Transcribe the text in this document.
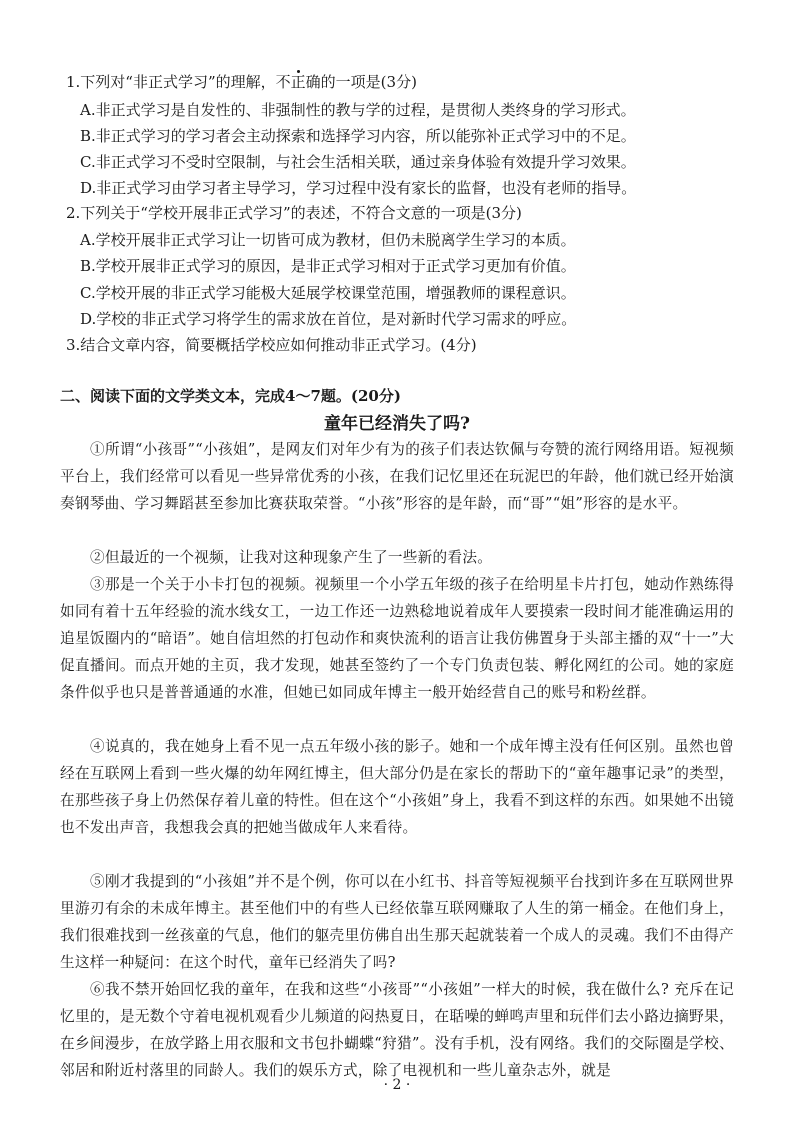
1.下列对“非正式学习”的理解，不正确的一项是(3分)
A.非正式学习是自发性的、非强制性的教与学的过程，是贯彻人类终身的学习形式。
B.非正式学习的学习者会主动探索和选择学习内容，所以能弥补正式学习中的不足。
C.非正式学习不受时空限制，与社会生活相关联，通过亲身体验有效提升学习效果。
D.非正式学习由学习者主导学习，学习过程中没有家长的监督，也没有老师的指导。
2.下列关于“学校开展非正式学习”的表述，不符合文意的一项是(3分)
A.学校开展非正式学习让一切皆可成为教材，但仍未脱离学生学习的本质。
B.学校开展非正式学习的原因，是非正式学习相对于正式学习更加有价值。
C.学校开展的非正式学习能极大延展学校课堂范围，增强教师的课程意识。
D.学校的非正式学习将学生的需求放在首位，是对新时代学习需求的呼应。
3.结合文章内容，简要概括学校应如何推动非正式学习。(4分)
二、阅读下面的文学类文本，完成4～7题。(20分)
童年已经消失了吗?
①所谓“小孩哥”“小孩姐”，是网友们对年少有为的孩子们表达钦佩与夸赞的流行网络用语。短视频平台上，我们经常可以看见一些异常优秀的小孩，在我们记忆里还在玩泥巴的年龄，他们就已经开始演奏钢琴曲、学习舞蹈甚至参加比赛获取荣誉。“小孩”形容的是年龄，而“哥”“姐”形容的是水平。
②但最近的一个视频，让我对这种现象产生了一些新的看法。
③那是一个关于小卡打包的视频。视频里一个小学五年级的孩子在给明星卡片打包，她动作熟练得如同有着十五年经验的流水线女工，一边工作还一边熟稔地说着成年人要摸索一段时间才能准确运用的追星饭圈内的“暗语”。她自信坦然的打包动作和爽快流利的语言让我仿佛置身于头部主播的双“十一”大促直播间。而点开她的主页，我才发现，她甚至签约了一个专门负责包装、孵化网红的公司。她的家庭条件似乎也只是普普通通的水准，但她已如同成年博主一般开始经营自己的账号和粉丝群。
④说真的，我在她身上看不见一点五年级小孩的影子。她和一个成年博主没有任何区别。虽然也曾经在互联网上看到一些火爆的幼年网红博主，但大部分仍是在家长的帮助下的“童年趣事记录”的类型，在那些孩子身上仍然保存着儿童的特性。但在这个“小孩姐”身上，我看不到这样的东西。如果她不出镜也不发出声音，我想我会真的把她当做成年人来看待。
⑤刚才我提到的“小孩姐”并不是个例，你可以在小红书、抖音等短视频平台找到许多在互联网世界里游刃有余的未成年博主。甚至他们中的有些人已经依靠互联网赚取了人生的第一桶金。在他们身上，我们很难找到一丝孩童的气息，他们的躯壳里仿佛自出生那天起就装着一个成人的灵魂。我们不由得产生这样一种疑问：在这个时代，童年已经消失了吗?
⑥我不禁开始回忆我的童年，在我和这些“小孩哥”“小孩姐”一样大的时候，我在做什么? 充斥在记忆里的，是无数个守着电视机观看少儿频道的闷热夏日，在聒噪的蝉鸣声里和玩伴们去小路边摘野果，在乡间漫步，在放学路上用衣服和文书包扑蝴蝶“狩猎”。没有手机，没有网络。我们的交际圈是学校、邻居和附近村落里的同龄人。我们的娱乐方式，除了电视机和一些儿童杂志外，就是
· 2 ·
